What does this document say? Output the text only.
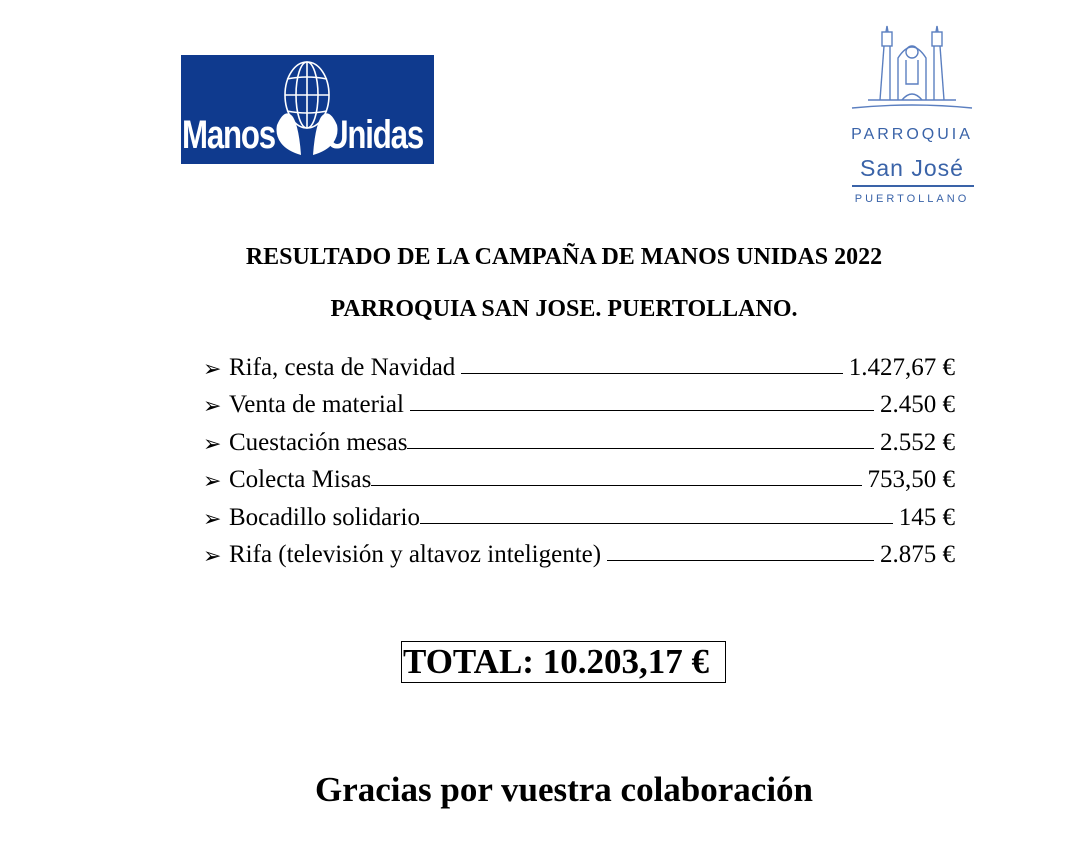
Manos Unidas	PARROQUIA
San José
PUERTOLLANO
RESULTADO DE LA CAMPAÑA DE MANOS UNIDAS 2022
PARROQUIA SAN JOSE. PUERTOLLANO.
➢ Rifa, cesta de Navidad	1.427,67 €
➢ Venta de material	2.450 €
➢ Cuestación mesas	2.552 €
➢ Colecta Misas	753,50 €
➢ Bocadillo solidario	145 €
➢ Rifa (televisión y altavoz inteligente)	2.875 €
TOTAL: 10.203,17 €
Gracias por vuestra colaboración
